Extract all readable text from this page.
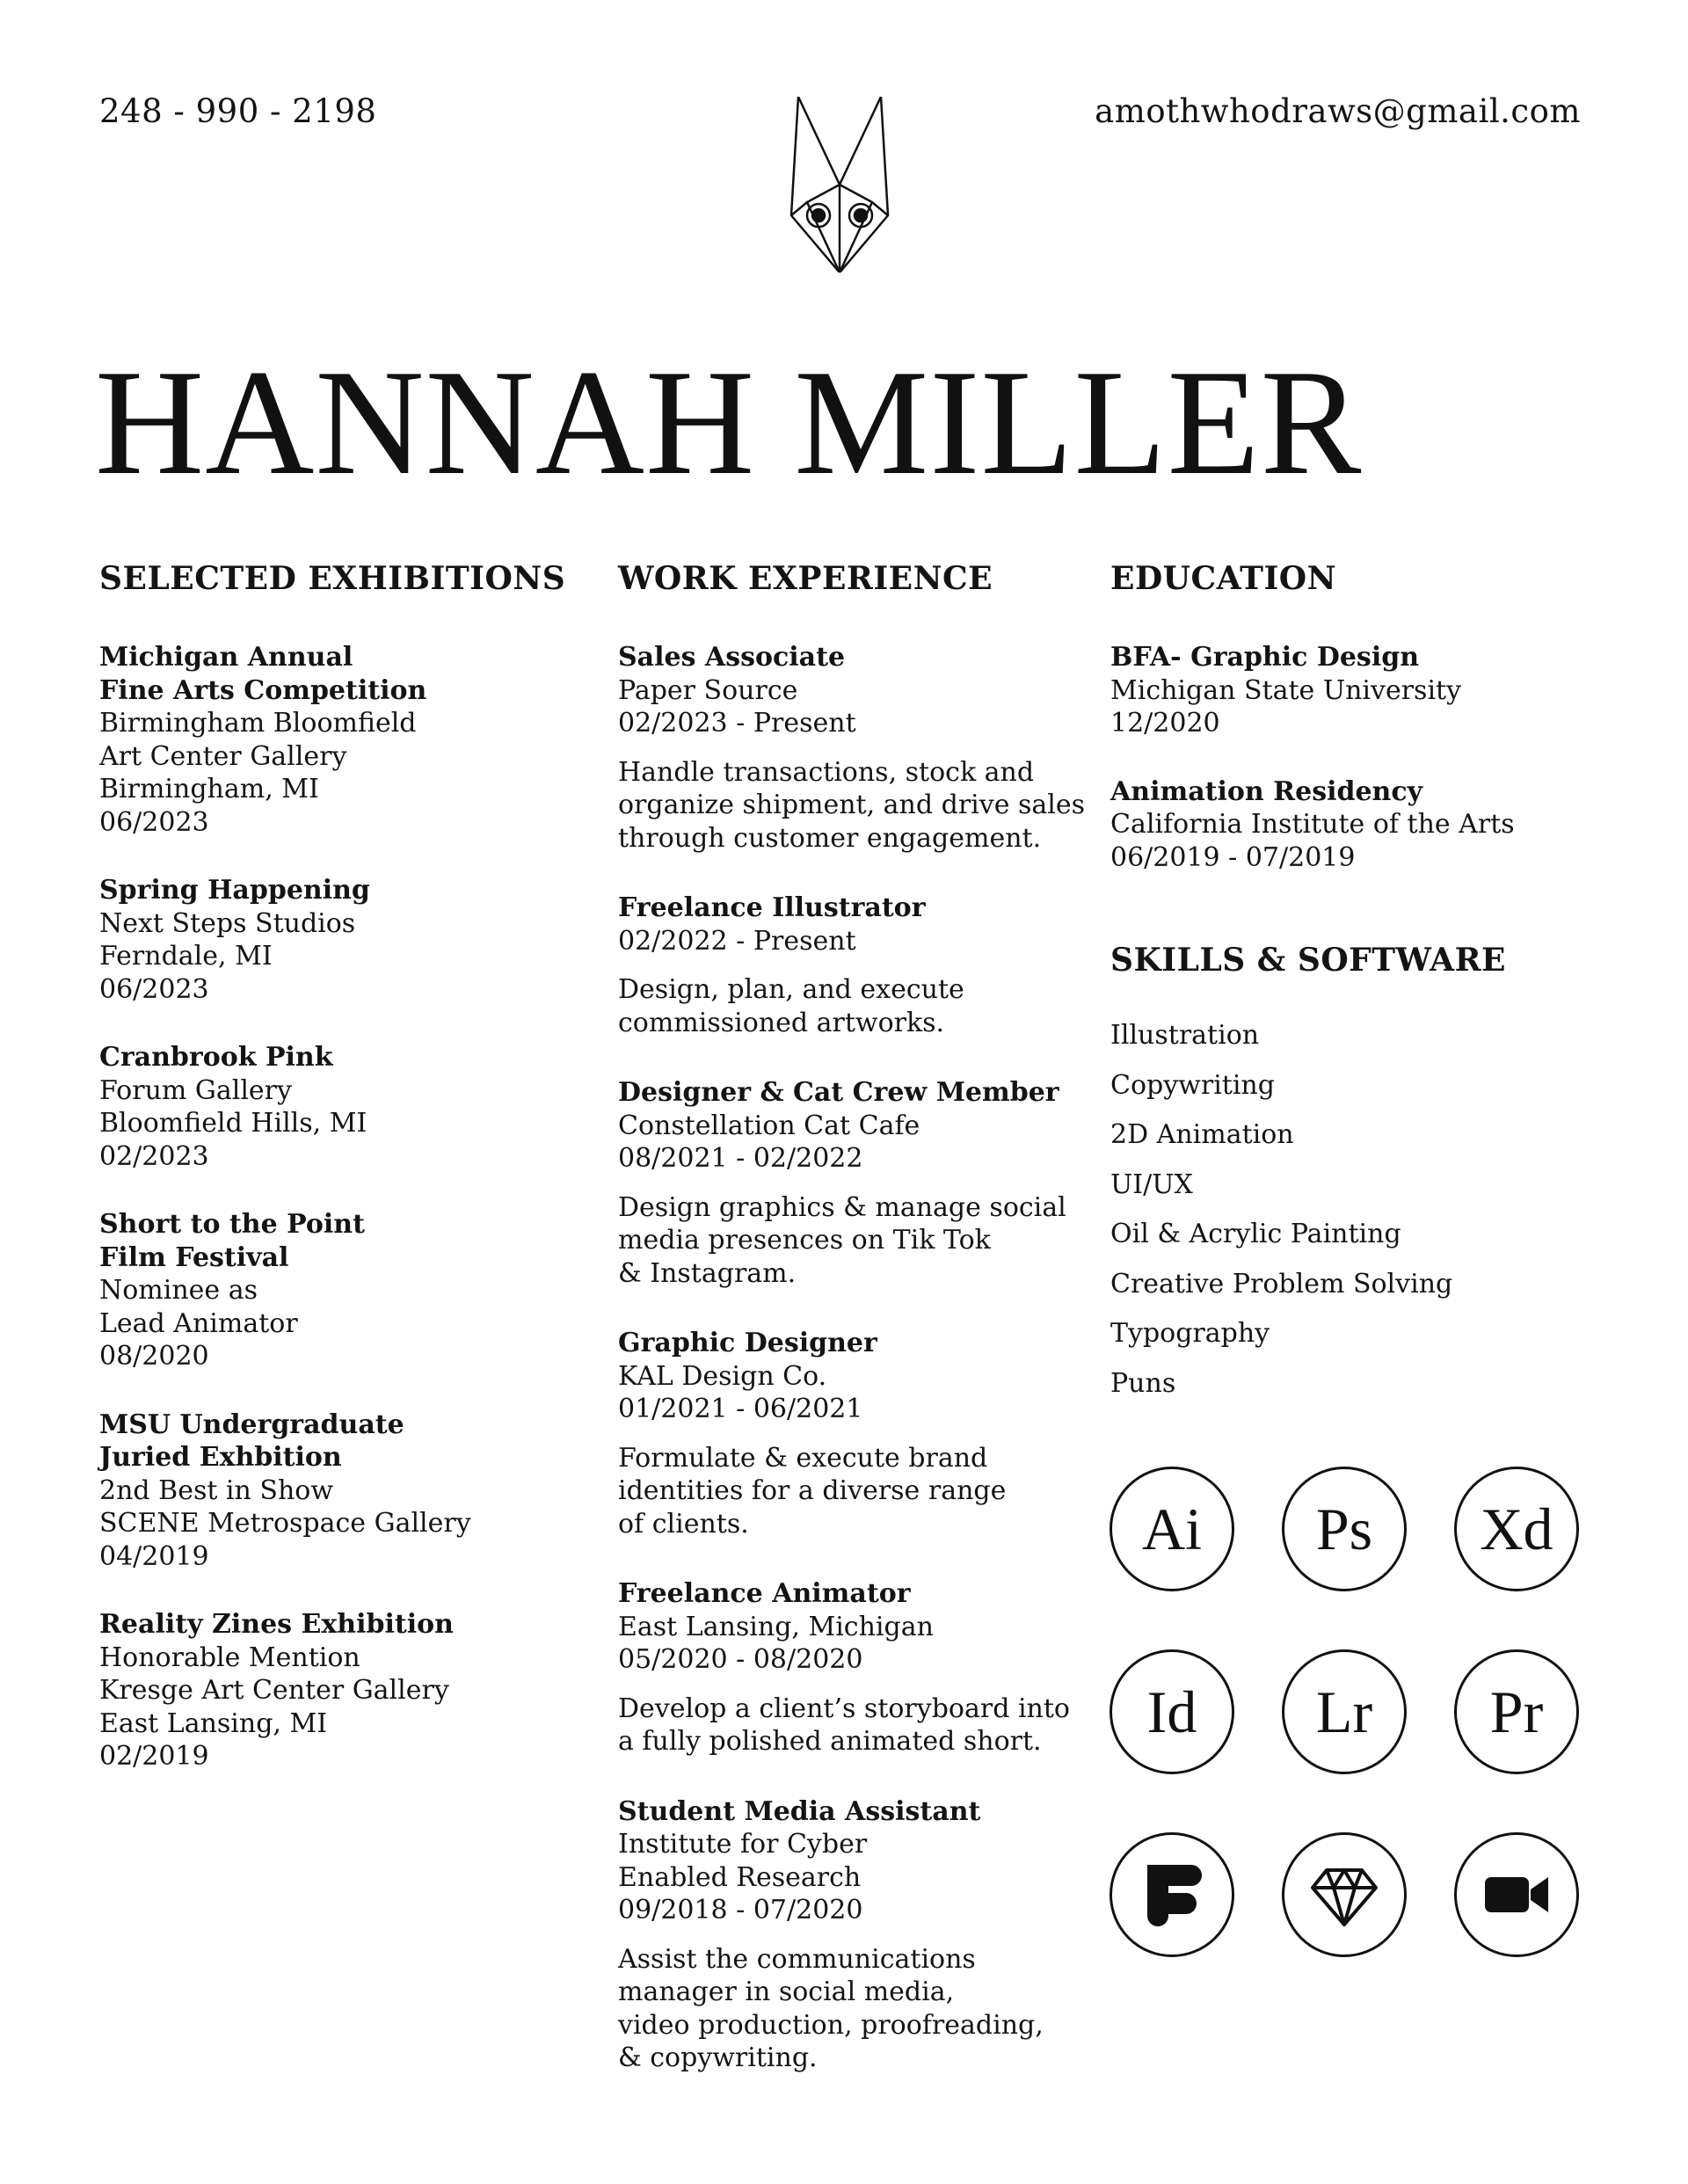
248 - 990 - 2198	amothwhodraws@gmail.com
HANNAH MILLER
SELECTED EXHIBITIONS
Michigan Annual
Fine Arts Competition
Birmingham Bloomfield
Art Center Gallery
Birmingham, MI
06/2023
Spring Happening
Next Steps Studios
Ferndale, MI
06/2023
Cranbrook Pink
Forum Gallery
Bloomfield Hills, MI
02/2023
Short to the Point
Film Festival
Nominee as
Lead Animator
08/2020
MSU Undergraduate
Juried Exhbition
2nd Best in Show
SCENE Metrospace Gallery
04/2019
Reality Zines Exhibition
Honorable Mention
Kresge Art Center Gallery
East Lansing, MI
02/2019
WORK EXPERIENCE
Sales Associate
Paper Source
02/2023 - Present
Handle transactions, stock and
organize shipment, and drive sales
through customer engagement.
Freelance Illustrator
02/2022 - Present
Design, plan, and execute
commissioned artworks.
Designer & Cat Crew Member
Constellation Cat Cafe
08/2021 - 02/2022
Design graphics & manage social
media presences on Tik Tok
& Instagram.
Graphic Designer
KAL Design Co.
01/2021 - 06/2021
Formulate & execute brand
identities for a diverse range
of clients.
Freelance Animator
East Lansing, Michigan
05/2020 - 08/2020
Develop a client’s storyboard into
a fully polished animated short.
Student Media Assistant
Institute for Cyber
Enabled Research
09/2018 - 07/2020
Assist the communications
manager in social media,
video production, proofreading,
& copywriting.
EDUCATION
BFA- Graphic Design
Michigan State University
12/2020
Animation Residency
California Institute of the Arts
06/2019 - 07/2019
SKILLS & SOFTWARE
Illustration
Copywriting
2D Animation
UI/UX
Oil & Acrylic Painting
Creative Problem Solving
Typography
Puns
Ai	Ps	Xd
Id	Lr	Pr
